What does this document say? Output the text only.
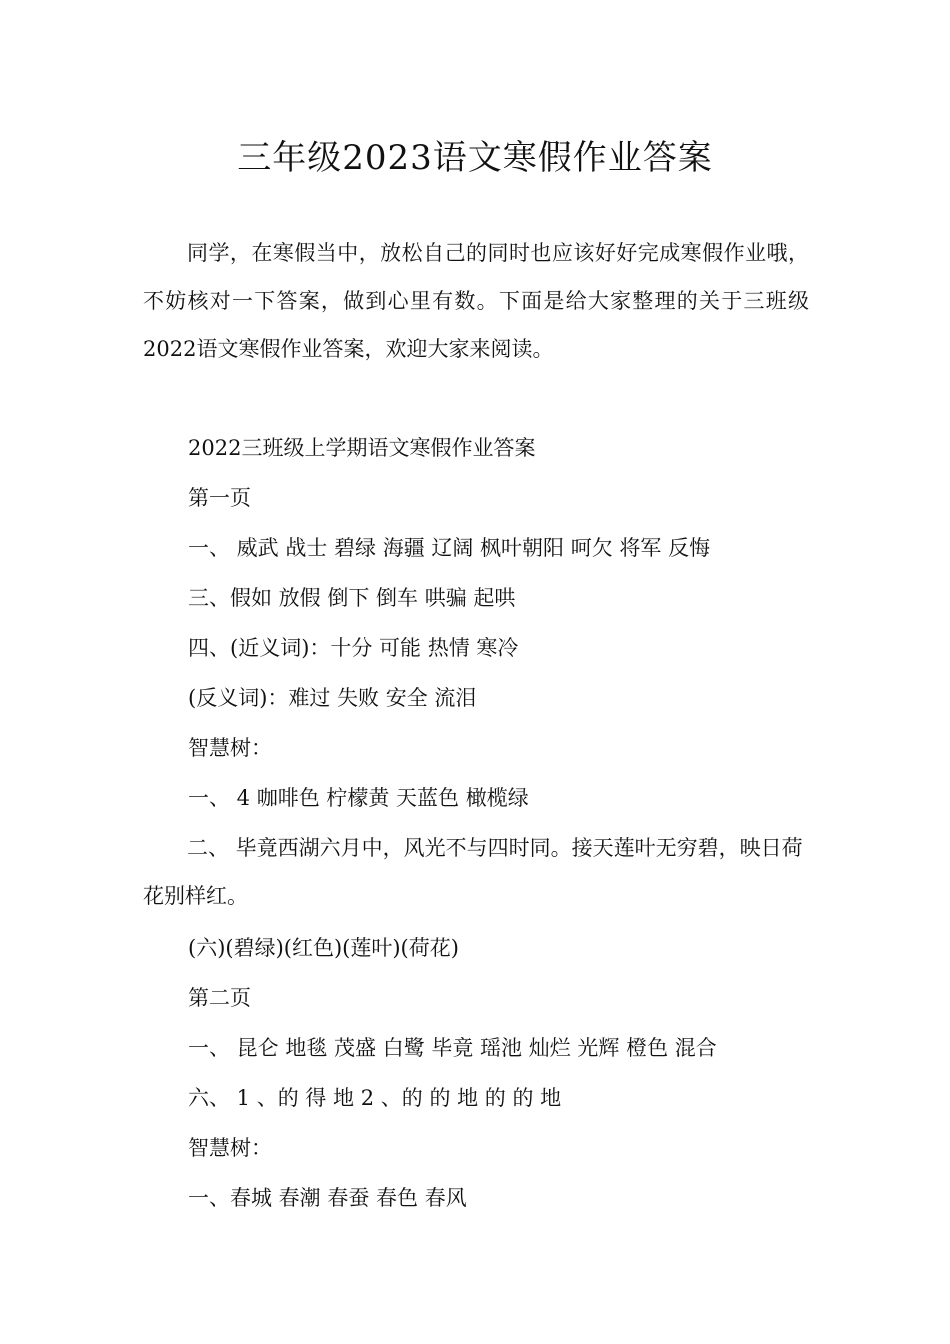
三年级2023语文寒假作业答案

同学，在寒假当中，放松自己的同时也应该好好完成寒假作业哦，不妨核对一下答案，做到心里有数。下面是给大家整理的关于三班级2022语文寒假作业答案，欢迎大家来阅读。

2022三班级上学期语文寒假作业答案

第一页

一、 威武 战士 碧绿 海疆 辽阔 枫叶朝阳 呵欠 将军 反悔

三、假如 放假 倒下 倒车 哄骗 起哄

四、(近义词)：十分 可能 热情 寒冷

(反义词)：难过 失败 安全 流泪

智慧树：

一、 4 咖啡色 柠檬黄 天蓝色 橄榄绿

二、 毕竟西湖六月中，风光不与四时同。接天莲叶无穷碧，映日荷花别样红。

(六)(碧绿)(红色)(莲叶)(荷花)

第二页

一、 昆仑 地毯 茂盛 白鹭 毕竟 瑶池 灿烂 光辉 橙色 混合

六、 1 、的 得 地 2 、的 的 地 的 的 地

智慧树：

一、春城 春潮 春蚕 春色 春风
